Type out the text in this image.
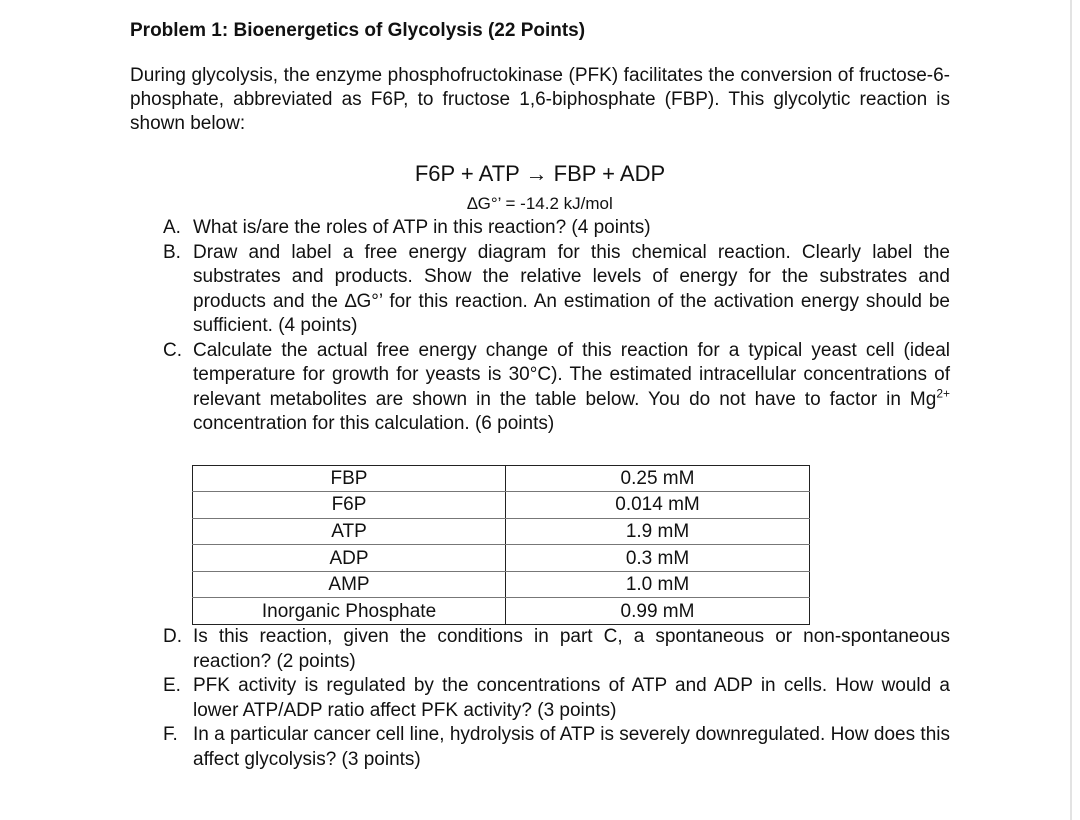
Problem 1: Bioenergetics of Glycolysis (22 Points)

During glycolysis, the enzyme phosphofructokinase (PFK) facilitates the conversion of fructose-6-phosphate, abbreviated as F6P, to fructose 1,6-biphosphate (FBP). This glycolytic reaction is shown below:

F6P + ATP → FBP + ADP
∆G°’ = -14.2 kJ/mol
A. What is/are the roles of ATP in this reaction? (4 points)
B. Draw and label a free energy diagram for this chemical reaction. Clearly label the substrates and products. Show the relative levels of energy for the substrates and products and the ∆G°’ for this reaction. An estimation of the activation energy should be sufficient. (4 points)
C. Calculate the actual free energy change of this reaction for a typical yeast cell (ideal temperature for growth for yeasts is 30°C). The estimated intracellular concentrations of relevant metabolites are shown in the table below. You do not have to factor in $Mg^{2+}$ concentration for this calculation. (6 points)
FBP	0.25 mM
F6P	0.014 mM
ATP	1.9 mM
ADP	0.3 mM
AMP	1.0 mM
Inorganic Phosphate	0.99 mM
D. Is this reaction, given the conditions in part C, a spontaneous or non-spontaneous reaction? (2 points)
E. PFK activity is regulated by the concentrations of ATP and ADP in cells. How would a lower ATP/ADP ratio affect PFK activity? (3 points)
F. In a particular cancer cell line, hydrolysis of ATP is severely downregulated. How does this affect glycolysis? (3 points)
